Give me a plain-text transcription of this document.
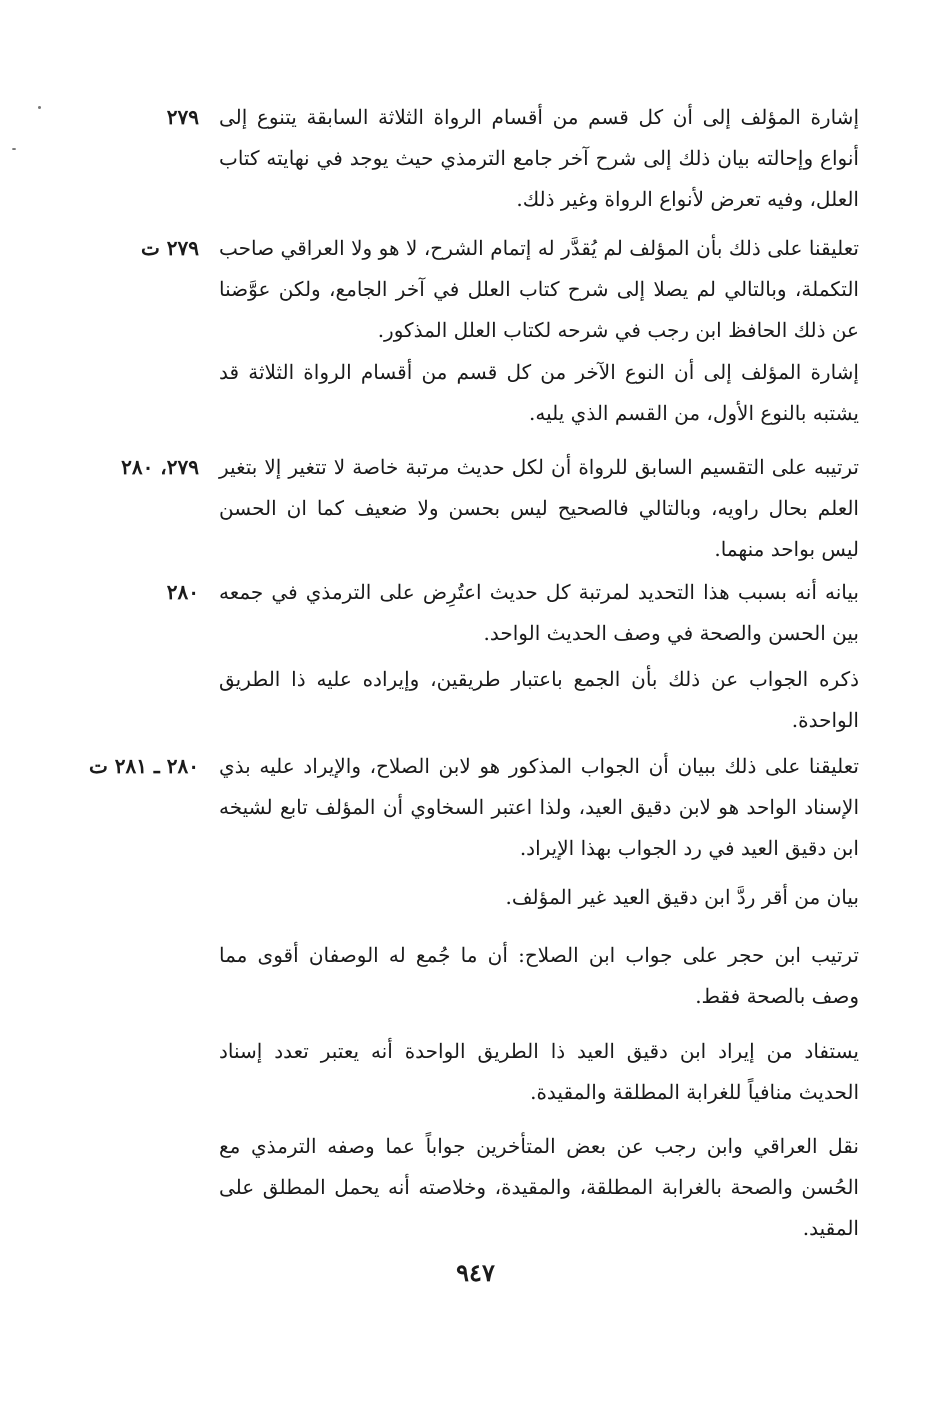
٢٧٩ إشارة المؤلف إلى أن كل قسم من أقسام الرواة الثلاثة السابقة يتنوع إلى أنواع وإحالته بيان ذلك إلى شرح آخر جامع الترمذي حيث يوجد في نهايته كتاب العلل، وفيه تعرض لأنواع الرواة وغير ذلك.

٢٧٩ ت تعليقنا على ذلك بأن المؤلف لم يُقدَّر له إتمام الشرح، لا هو ولا العراقي صاحب التكملة، وبالتالي لم يصلا إلى شرح كتاب العلل في آخر الجامع، ولكن عوَّضنا عن ذلك الحافظ ابن رجب في شرحه لكتاب العلل المذكور.

إشارة المؤلف إلى أن النوع الآخر من كل قسم من أقسام الرواة الثلاثة قد يشتبه بالنوع الأول، من القسم الذي يليه.

٢٧٩، ٢٨٠ ترتيبه على التقسيم السابق للرواة أن لكل حديث مرتبة خاصة لا تتغير إلا بتغير العلم بحال راويه، وبالتالي فالصحيح ليس بحسن ولا ضعيف كما ان الحسن ليس بواحد منهما.

٢٨٠ بيانه أنه بسبب هذا التحديد لمرتبة كل حديث اعتُرِض على الترمذي في جمعه بين الحسن والصحة في وصف الحديث الواحد.

ذكره الجواب عن ذلك بأن الجمع باعتبار طريقين، وإيراده عليه ذا الطريق الواحدة.

٢٨٠ ـ ٢٨١ ت تعليقنا على ذلك ببيان أن الجواب المذكور هو لابن الصلاح، والإيراد عليه بذي الإسناد الواحد هو لابن دقيق العيد، ولذا اعتبر السخاوي أن المؤلف تابع لشيخه ابن دقيق العيد في رد الجواب بهذا الإيراد.

بيان من أقر ردَّ ابن دقيق العيد غير المؤلف.

ترتيب ابن حجر على جواب ابن الصلاح: أن ما جُمع له الوصفان أقوى مما وصف بالصحة فقط.

يستفاد من إيراد ابن دقيق العيد ذا الطريق الواحدة أنه يعتبر تعدد إسناد الحديث منافياً للغرابة المطلقة والمقيدة.

نقل العراقي وابن رجب عن بعض المتأخرين جواباً عما وصفه الترمذي مع الحُسن والصحة بالغرابة المطلقة، والمقيدة، وخلاصته أنه يحمل المطلق على المقيد.

٩٤٧
